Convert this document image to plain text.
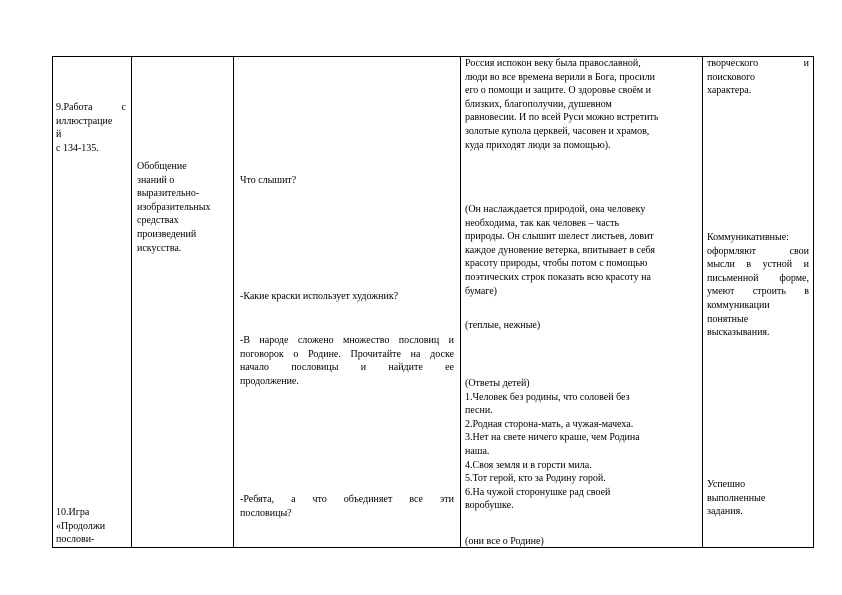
9.Работа с
иллюстрацие
й
с 134-135.
10.Игра
«Продолжи
послови-
Обобщение
знаний о
выразительно-
изобразительных
средствах
произведений
искусства.
Что слышит?
-Какие краски использует художник?
-В народе сложено множество пословиц и
поговорок о Родине. Прочитайте на доске
начало пословицы и найдите ее
продолжение.
-Ребята, а что объединяет все эти
пословицы?
Россия испокон веку была православной,
люди во все времена верили в Бога, просили
его о помощи и защите. О здоровье своём и
близких, благополучии, душевном
равновесии. И по всей Руси можно встретить
золотые купола церквей, часовен и храмов,
куда приходят люди за помощью).
(Он наслаждается природой, она человеку
необходима, так как человек – часть
природы. Он слышит шелест листьев, ловит
каждое дуновение ветерка, впитывает в себя
красоту природы, чтобы потом с помощью
поэтических строк показать всю красоту на
бумаге)
(теплые, нежные)
(Ответы детей)
1.Человек без родины, что соловей без
песни.
2.Родная сторона-мать, а чужая-мачеха.
3.Нет на свете ничего краше, чем Родина
наша.
4.Своя земля и в горсти мила.
5.Тот герой, кто за Родину горой.
6.На чужой сторонушке рад своей
воробушке.
(они все о Родине)
творческого и
поискового
характера.
Коммуникативные:
оформляют свои
мысли в устной и
письменной форме,
умеют строить в
коммуникации
понятные
высказывания.
Успешно
выполненные
задания.
